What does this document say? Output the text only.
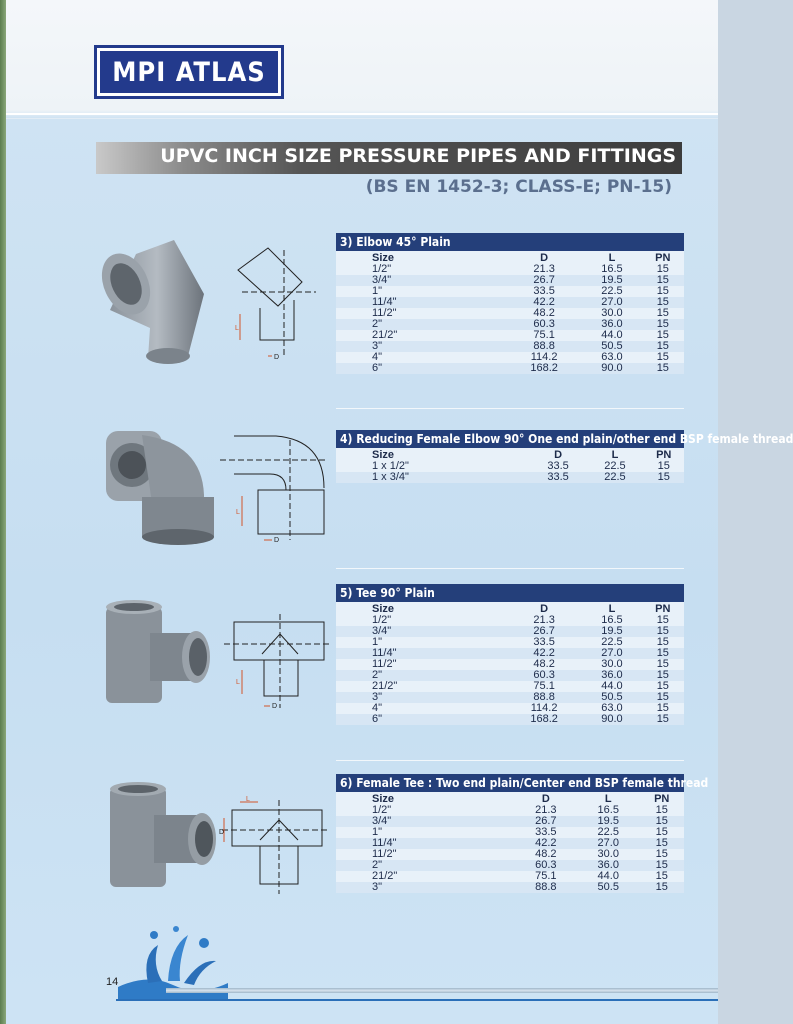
MPI ATLAS
UPVC INCH SIZE PRESSURE PIPES AND FITTINGS
(BS EN 1452-3; CLASS-E; PN-15)
L
D
L
D
L
D
L
D
3) Elbow 45° Plain
Size	D	L	PN
1/2"	21.3	16.5	15
3/4"	26.7	19.5	15
1"	33.5	22.5	15
11/4"	42.2	27.0	15
11/2"	48.2	30.0	15
2"	60.3	36.0	15
21/2"	75.1	44.0	15
3"	88.8	50.5	15
4"	114.2	63.0	15
6"	168.2	90.0	15
4) Reducing Female Elbow 90° One end plain/other end BSP female thread
Size	D	L	PN
1 x 1/2"	33.5	22.5	15
1 x 3/4"	33.5	22.5	15
5) Tee 90° Plain
Size	D	L	PN
1/2"	21.3	16.5	15
3/4"	26.7	19.5	15
1"	33.5	22.5	15
11/4"	42.2	27.0	15
11/2"	48.2	30.0	15
2"	60.3	36.0	15
21/2"	75.1	44.0	15
3"	88.8	50.5	15
4"	114.2	63.0	15
6"	168.2	90.0	15
6) Female Tee : Two end plain/Center end BSP female thread
Size	D	L	PN
1/2"	21.3	16.5	15
3/4"	26.7	19.5	15
1"	33.5	22.5	15
11/4"	42.2	27.0	15
11/2"	48.2	30.0	15
2"	60.3	36.0	15
21/2"	75.1	44.0	15
3"	88.8	50.5	15
14
